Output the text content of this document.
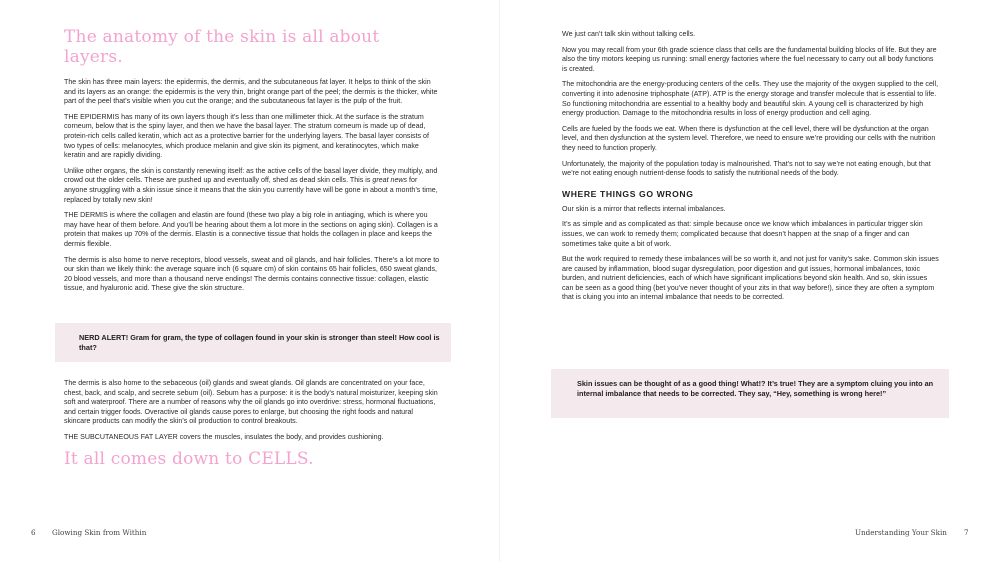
The anatomy of the skin is all about layers.

The skin has three main layers: the epidermis, the dermis, and the subcutaneous fat layer. It helps to think of the skin and its layers as an orange: the epidermis is the very thin, bright orange part of the peel; the dermis is the thicker, white part of the peel that’s visible when you cut the orange; and the subcutaneous fat layer is the pulp of the fruit.

THE EPIDERMIS has many of its own layers though it’s less than one millimeter thick. At the surface is the stratum corneum, below that is the spiny layer, and then we have the basal layer. The stratum corneum is made up of dead, protein-rich cells called keratin, which act as a protective barrier for the underlying layers. The basal layer consists of two types of cells: melanocytes, which produce melanin and give skin its pigment, and keratinocytes, which make keratin and are rapidly dividing.

Unlike other organs, the skin is constantly renewing itself: as the active cells of the basal layer divide, they multiply, and crowd out the older cells. These are pushed up and eventually off, shed as dead skin cells. This is great news for anyone struggling with a skin issue since it means that the skin you currently have will be gone in about a month’s time, replaced by totally new skin!

THE DERMIS is where the collagen and elastin are found (these two play a big role in antiaging, which is where you may have hear of them before. And you’ll be hearing about them a lot more in the sections on aging skin). Collagen is a protein that makes up 70% of the dermis. Elastin is a connective tissue that holds the collagen in place and keeps the dermis flexible.

The dermis is also home to nerve receptors, blood vessels, sweat and oil glands, and hair follicles. There’s a lot more to our skin than we likely think: the average square inch (6 square cm) of skin contains 65 hair follicles, 650 sweat glands, 20 blood vessels, and more than a thousand nerve endings! The dermis contains connective tissue: collagen, elastic tissue, and hyaluronic acid. These give the skin structure.

NERD ALERT! Gram for gram, the type of collagen found in your skin is stronger than steel! How cool is that?

The dermis is also home to the sebaceous (oil) glands and sweat glands. Oil glands are concentrated on your face, chest, back, and scalp, and secrete sebum (oil). Sebum has a purpose: it is the body’s natural moisturizer, keeping skin soft and waterproof. There are a number of reasons why the oil glands go into overdrive: stress, hormonal fluctuations, and certain trigger foods. Overactive oil glands cause pores to enlarge, but choosing the right foods and natural skincare products can modify the skin’s oil production to control breakouts.

THE SUBCUTANEOUS FAT LAYER covers the muscles, insulates the body, and provides cushioning.

It all comes down to CELLS.
6 Glowing Skin from Within

We just can’t talk skin without talking cells.

Now you may recall from your 6th grade science class that cells are the fundamental building blocks of life. But they are also the tiny motors keeping us running: small energy factories where the fuel necessary to carry out all body functions is created.

The mitochondria are the energy-producing centers of the cells. They use the majority of the oxygen supplied to the cell, converting it into adenosine triphosphate (ATP). ATP is the energy storage and transfer molecule that is essential to life. So functioning mitochondria are essential to a healthy body and beautiful skin. A young cell is characterized by high energy production. Damage to the mitochondria results in loss of energy production and cell aging.

Cells are fueled by the foods we eat. When there is dysfunction at the cell level, there will be dysfunction at the organ level, and then dysfunction at the system level. Therefore, we need to ensure we’re providing our cells with the nutrition they need to function properly.

Unfortunately, the majority of the population today is malnourished. That’s not to say we’re not eating enough, but that we’re not eating enough nutrient-dense foods to satisfy the nutritional needs of the body.

WHERE THINGS GO WRONG

Our skin is a mirror that reflects internal imbalances.

It’s as simple and as complicated as that: simple because once we know which imbalances in particular trigger skin issues, we can work to remedy them; complicated because that doesn’t happen at the snap of a finger and can sometimes take quite a bit of work.

But the work required to remedy these imbalances will be so worth it, and not just for vanity’s sake. Common skin issues are caused by inflammation, blood sugar dysregulation, poor digestion and gut issues, hormonal imbalances, toxic burden, and nutrient deficiencies, each of which have significant implications beyond skin health. And so, skin issues can be seen as a good thing (bet you’ve never thought of your zits in that way before!), since they are often a symptom that is cluing you into an internal imbalance that needs to be corrected.

Skin issues can be thought of as a good thing! What!? It’s true! They are a symptom cluing you into an internal imbalance that needs to be corrected. They say, “Hey, something is wrong here!”

Understanding Your Skin 7
